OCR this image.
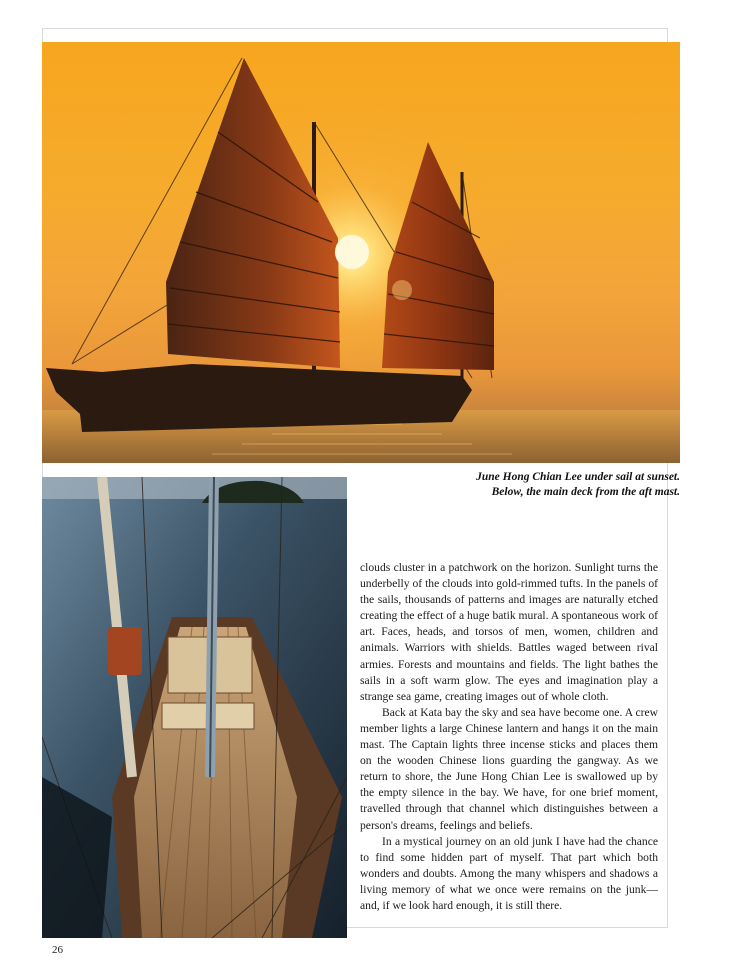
June Hong Chian Lee under sail at sunset.
Below, the main deck from the aft mast.

clouds cluster in a patchwork on the horizon. Sunlight turns the underbelly of the clouds into gold-rimmed tufts. In the panels of the sails, thousands of patterns and images are naturally etched creating the effect of a huge batik mural. A spontaneous work of art. Faces, heads, and torsos of men, women, children and animals. Warriors with shields. Battles waged between rival armies. Forests and mountains and fields. The light bathes the sails in a soft warm glow. The eyes and imagination play a strange sea game, creating images out of whole cloth.

Back at Kata bay the sky and sea have become one. A crew member lights a large Chinese lantern and hangs it on the main mast. The Captain lights three incense sticks and places them on the wooden Chinese lions guarding the gangway. As we return to shore, the June Hong Chian Lee is swallowed up by the empty silence in the bay. We have, for one brief moment, travelled through that channel which distinguishes between a person's dreams, feelings and beliefs.

In a mystical journey on an old junk I have had the chance to find some hidden part of myself. That part which both wonders and doubts. Among the many whispers and shadows a living memory of what we once were remains on the junk—and, if we look hard enough, it is still there.

26
